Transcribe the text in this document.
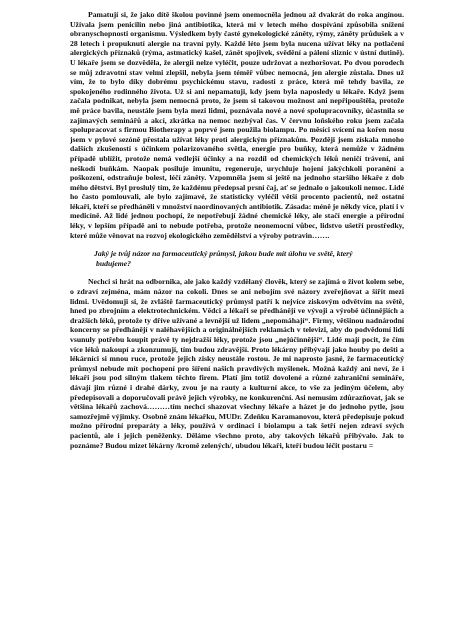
Pamatují si, že jako dítě školou povinné jsem onemocněla jednou až dvakrát do roka angínou. Užívala jsem penicilin nebo jiná antibiotika, která mi v letech mého dospívání způsobila snížení obranyschopnosti organismu. Výsledkem byly časté gynekologické záněty, rýmy, záněty průdušek a v 28 letech i propuknutí alergie na travní pyly. Každé léto jsem byla nucena užívat léky na potlačení alergických příznaků (rýma, astmatický kašel, zánět spojivek, svědění a pálení sliznic v ústní dutině). U lékaře jsem se dozvěděla, že alergii nelze vyléčit, pouze udržovat a nezhoršovat. Po dvou porodech se můj zdravotní stav velmi zlepšil, nebyla jsem téměř vůbec nemocná, jen alergie zůstala. Dnes už vím, že to bylo díky dobrému psychickému stavu, radosti z práce, která mě tehdy bavila, ze spokojeného rodinného života. Už si ani nepamatuji, kdy jsem byla naposledy u lékaře. Když jsem začala podnikat, nebyla jsem nemocná proto, že jsem si takovou možnost ani nepřipouštěla, protože mě práce bavila, neustále jsem byla mezi lidmi, poznávala nové a nové spolupracovníky, účastnila se zajímavých seminářů a akcí, zkrátka na nemoc nezbýval čas. V červnu loňského roku jsem začala spolupracovat s firmou Biotherapy a poprvé jsem použila biolampu. Po měsíci svícení na kořen nosu jsem v pylové sezóně přestala užívat léky proti alergickým příznakům. Později jsem získala mnoho dalších zkušeností s účinkem polarizovaného světla, energie pro buňky, která nemůže v žádném případě ublížit, protože nemá vedlejší účinky a na rozdíl od chemických léků neničí trávení, ani neškodí buňkám. Naopak posiluje imunitu, regeneruje, urychluje hojení jakýchkoli poranění a poškození, odstraňuje bolest, léčí záněty. Vzpomněla jsem si ještě na jednoho staršího lékaře z dob mého dětství. Byl proslulý tím, že každému předepsal prsní čaj, ať se jednalo o jakoukoli nemoc. Lidé ho často pomlouvali, ale bylo zajímavé, že statisticky vyléčil větší procento pacientů, než ostatní lékaři, kteří se předháněli v množství naordinovaných antibiotik. Zásada: méně je někdy více, platí i v medicíně. Až lidé jednou pochopí, že nepotřebují žádné chemické léky, ale stačí energie a přírodní léky, v lepším případě ani to nebude potřeba, protože neonemocní vůbec, lidstvo ušetří prostředky, které může věnovat na rozvoj ekologického zemědělství a výroby potravin…….

Jaký je tvůj názor na farmaceutický průmysl, jakou bude mít úlohu ve světě, který
budujeme?

Nechci si hrát na odbornika, ale jako každý vzdělaný člověk, který se zajímá o život kolem sebe, o zdraví zejména, mám názor na cokoli. Dnes se ani nebojím své názory zveřejňovat a šířit mezi lidmi. Uvědomuji si, že zvláště farmaceutický průmysl patří k nejvíce ziskovým odvětvím na světě, hned po zbrojním a elektrotechnickém. Vědci a lékaři se předhánějí ve vývoji a výrobě účinnějších a dražších léků, protože ty dříve užívané a levnější už lidem „nepomáhají“. Firmy, většinou nadnárodní koncerny se předhánějí v naléhavějších a originálnějších reklamách v televizi, aby do podvědomí lidí vsunuly potřebu koupit právě ty nejdražší léky, protože jsou „nejúčinnější“. Lidé mají pocit, že čím více léků nakoupí a zkonzumují, tím budou zdravější. Proto lékárny přibývají jako houby po dešti a lékárníci si mnou ruce, protože jejich zisky neustále rostou. Je mi naprosto jasné, že farmaceutický průmysl nebude mít pochopení pro šíření našich pravdivých myšlenek. Možná každý ani neví, že i lékaři jsou pod silným tlakem těchto firem. Platí jim totiž dovolené a různé zahraniční semináře, dávají jim různé i drahé dárky, zvou je na rauty a kulturní akce, to vše za jediným účelem, aby předepisovali a doporučovali právě jejich výrobky, ne konkurenční. Asi nemusím zdůrazňovat, jak se většina lékařů zachová………tím nechci shazovat všechny lékaře a házet je do jednoho pytle, jsou samozřejmě výjimky. Osobně znám lékařku, MUDr. Zdeňku Karamanovou, která předepisuje pokud možno přírodní preparáty a léky, používá v ordinaci i biolampu a tak šetří nejen zdraví svých pacientů, ale i jejich peněženky. Děláme všechno proto, aby takových lékařů přibývalo. Jak to poznáme? Budou mizet lékárny /kromě zelených/, ubudou lékaři, kteří budou léčit postaru =
